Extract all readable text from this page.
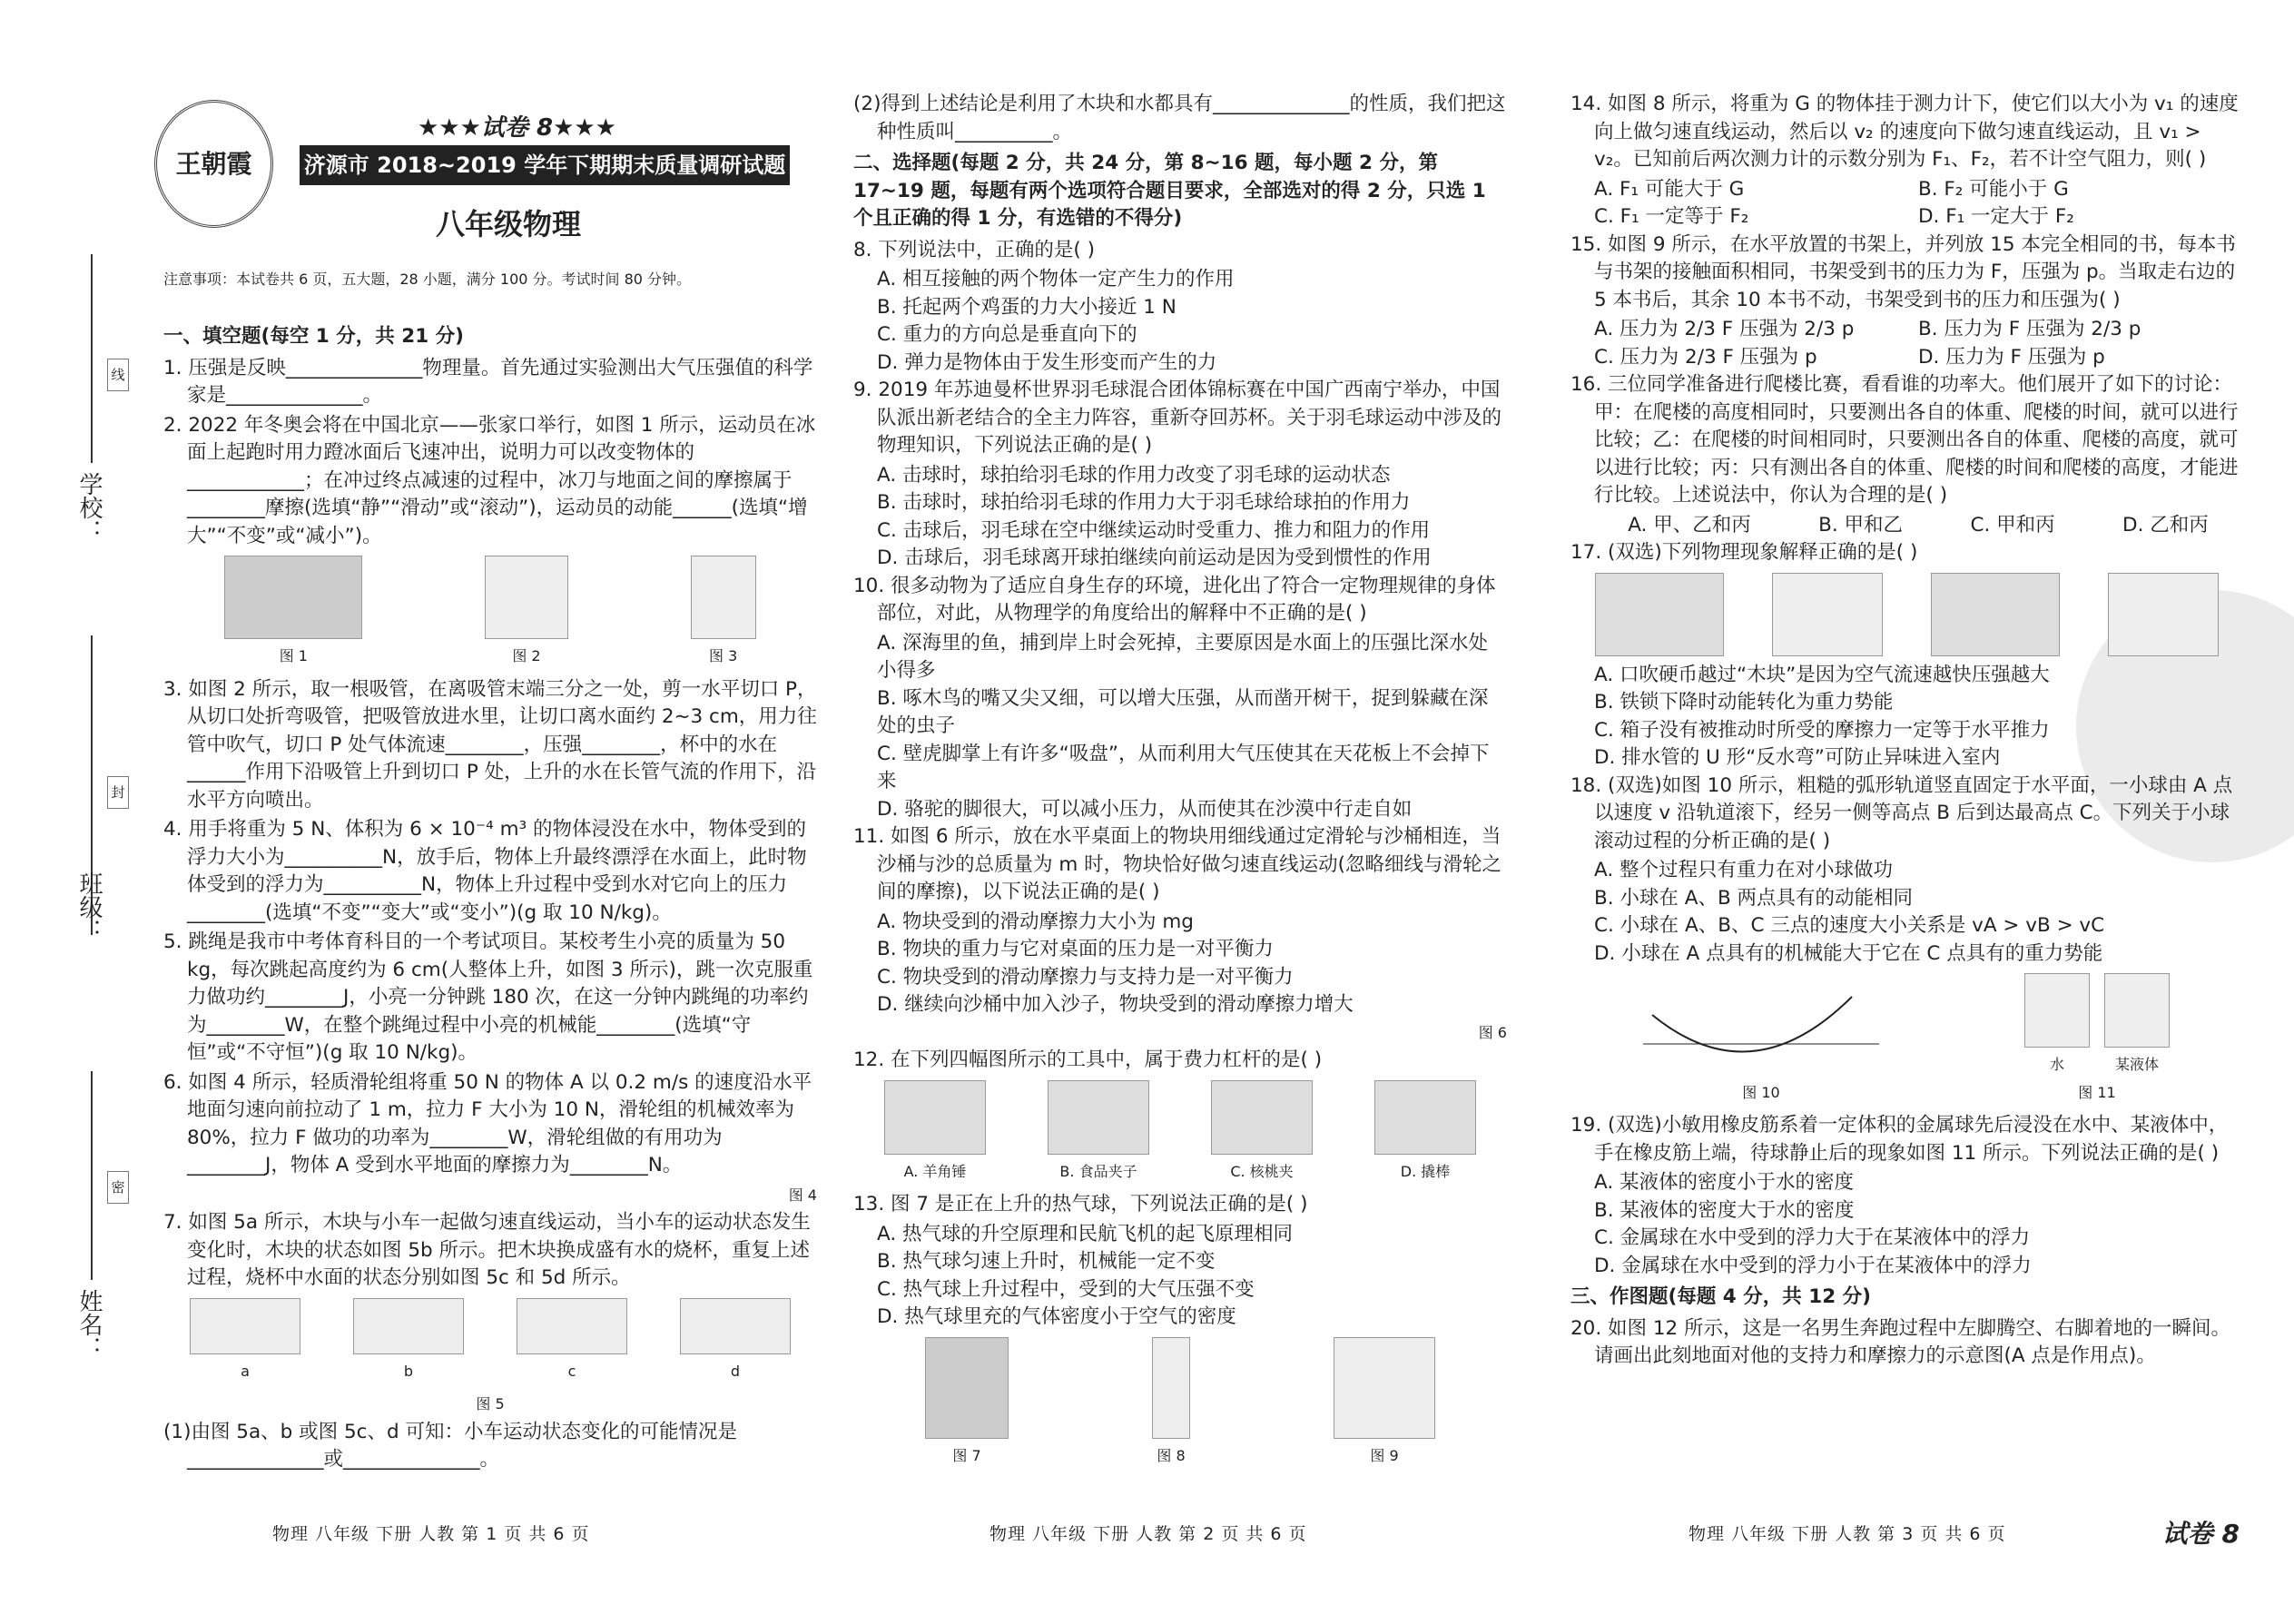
学校：
班级：
姓名：
线
封
密
王朝霞
★★★试卷 8★★★
济源市 2018~2019 学年下期期末质量调研试题
八年级物理
注意事项：本试卷共 6 页，五大题，28 小题，满分 100 分。考试时间 80 分钟。
一、填空题(每空 1 分，共 21 分)
1. 压强是反映______________物理量。首先通过实验测出大气压强值的科学家是______________。
2. 2022 年冬奥会将在中国北京——张家口举行，如图 1 所示，运动员在冰面上起跑时用力蹬冰面后飞速冲出，说明力可以改变物体的____________；在冲过终点减速的过程中，冰刀与地面之间的摩擦属于________摩擦(选填“静”“滑动”或“滚动”)，运动员的动能______(选填“增大”“不变”或“减小”)。
图 1	图 2	图 3
3. 如图 2 所示，取一根吸管，在离吸管末端三分之一处，剪一水平切口 P，从切口处折弯吸管，把吸管放进水里，让切口离水面约 2~3 cm，用力往管中吹气，切口 P 处气体流速________，压强________，杯中的水在______作用下沿吸管上升到切口 P 处，上升的水在长管气流的作用下，沿水平方向喷出。
4. 用手将重为 5 N、体积为 6 × 10⁻⁴ m³ 的物体浸没在水中，物体受到的浮力大小为__________N，放手后，物体上升最终漂浮在水面上，此时物体受到的浮力为__________N，物体上升过程中受到水对它向上的压力________(选填“不变”“变大”或“变小”)(g 取 10 N/kg)。
5. 跳绳是我市中考体育科目的一个考试项目。某校考生小亮的质量为 50 kg，每次跳起高度约为 6 cm(人整体上升，如图 3 所示)，跳一次克服重力做功约________J，小亮一分钟跳 180 次，在这一分钟内跳绳的功率约为________W，在整个跳绳过程中小亮的机械能________(选填“守恒”或“不守恒”)(g 取 10 N/kg)。
6. 如图 4 所示，轻质滑轮组将重 50 N 的物体 A 以 0.2 m/s 的速度沿水平地面匀速向前拉动了 1 m，拉力 F 大小为 10 N，滑轮组的机械效率为 80%，拉力 F 做功的功率为________W，滑轮组做的有用功为________J，物体 A 受到水平地面的摩擦力为________N。
图 4
7. 如图 5a 所示，木块与小车一起做匀速直线运动，当小车的运动状态发生变化时，木块的状态如图 5b 所示。把木块换成盛有水的烧杯，重复上述过程，烧杯中水面的状态分别如图 5c 和 5d 所示。
a	b	c	d
图 5
(1)由图 5a、b 或图 5c、d 可知：小车运动状态变化的可能情况是______________或______________。
(2)得到上述结论是利用了木块和水都具有______________的性质，我们把这种性质叫__________。
二、选择题(每题 2 分，共 24 分，第 8~16 题，每小题 2 分，第 17~19 题，每题有两个选项符合题目要求，全部选对的得 2 分，只选 1 个且正确的得 1 分，有选错的不得分)
8. 下列说法中，正确的是( )
A. 相互接触的两个物体一定产生力的作用
B. 托起两个鸡蛋的力大小接近 1 N
C. 重力的方向总是垂直向下的
D. 弹力是物体由于发生形变而产生的力
9. 2019 年苏迪曼杯世界羽毛球混合团体锦标赛在中国广西南宁举办，中国队派出新老结合的全主力阵容，重新夺回苏杯。关于羽毛球运动中涉及的物理知识，下列说法正确的是( )
A. 击球时，球拍给羽毛球的作用力改变了羽毛球的运动状态
B. 击球时，球拍给羽毛球的作用力大于羽毛球给球拍的作用力
C. 击球后，羽毛球在空中继续运动时受重力、推力和阻力的作用
D. 击球后，羽毛球离开球拍继续向前运动是因为受到惯性的作用
10. 很多动物为了适应自身生存的环境，进化出了符合一定物理规律的身体部位，对此，从物理学的角度给出的解释中不正确的是( )
A. 深海里的鱼，捕到岸上时会死掉，主要原因是水面上的压强比深水处小得多
B. 啄木鸟的嘴又尖又细，可以增大压强，从而凿开树干，捉到躲藏在深处的虫子
C. 壁虎脚掌上有许多“吸盘”，从而利用大气压使其在天花板上不会掉下来
D. 骆驼的脚很大，可以减小压力，从而使其在沙漠中行走自如
11. 如图 6 所示，放在水平桌面上的物块用细线通过定滑轮与沙桶相连，当沙桶与沙的总质量为 m 时，物块恰好做匀速直线运动(忽略细线与滑轮之间的摩擦)，以下说法正确的是( )
A. 物块受到的滑动摩擦力大小为 mg
B. 物块的重力与它对桌面的压力是一对平衡力
C. 物块受到的滑动摩擦力与支持力是一对平衡力
D. 继续向沙桶中加入沙子，物块受到的滑动摩擦力增大
图 6
12. 在下列四幅图所示的工具中，属于费力杠杆的是( )
A. 羊角锤	B. 食品夹子	C. 核桃夹	D. 撬棒
13. 图 7 是正在上升的热气球，下列说法正确的是( )
A. 热气球的升空原理和民航飞机的起飞原理相同
B. 热气球匀速上升时，机械能一定不变
C. 热气球上升过程中，受到的大气压强不变
D. 热气球里充的气体密度小于空气的密度
图 7	图 8	图 9
14. 如图 8 所示，将重为 G 的物体挂于测力计下，使它们以大小为 v₁ 的速度向上做匀速直线运动，然后以 v₂ 的速度向下做匀速直线运动，且 v₁ > v₂。已知前后两次测力计的示数分别为 F₁、F₂，若不计空气阻力，则( )
A. F₁ 可能大于 G	B. F₂ 可能小于 G
C. F₁ 一定等于 F₂	D. F₁ 一定大于 F₂
15. 如图 9 所示，在水平放置的书架上，并列放 15 本完全相同的书，每本书与书架的接触面积相同，书架受到书的压力为 F，压强为 p。当取走右边的 5 本书后，其余 10 本书不动，书架受到书的压力和压强为( )
A. 压力为 2/3 F 压强为 2/3 p	B. 压力为 F 压强为 2/3 p
C. 压力为 2/3 F 压强为 p	D. 压力为 F 压强为 p
16. 三位同学准备进行爬楼比赛，看看谁的功率大。他们展开了如下的讨论：甲：在爬楼的高度相同时，只要测出各自的体重、爬楼的时间，就可以进行比较；乙：在爬楼的时间相同时，只要测出各自的体重、爬楼的高度，就可以进行比较；丙：只有测出各自的体重、爬楼的时间和爬楼的高度，才能进行比较。上述说法中，你认为合理的是( )
A. 甲、乙和丙	B. 甲和乙	C. 甲和丙	D. 乙和丙
17. (双选)下列物理现象解释正确的是( )
A. 口吹硬币越过“木块”是因为空气流速越快压强越大
B. 铁锁下降时动能转化为重力势能
C. 箱子没有被推动时所受的摩擦力一定等于水平推力
D. 排水管的 U 形“反水弯”可防止异味进入室内
18. (双选)如图 10 所示，粗糙的弧形轨道竖直固定于水平面，一小球由 A 点以速度 v 沿轨道滚下，经另一侧等高点 B 后到达最高点 C。下列关于小球滚动过程的分析正确的是( )
A. 整个过程只有重力在对小球做功
B. 小球在 A、B 两点具有的动能相同
C. 小球在 A、B、C 三点的速度大小关系是 vA > vB > vC
D. 小球在 A 点具有的机械能大于它在 C 点具有的重力势能
图 10
水	某液体
图 11
19. (双选)小敏用橡皮筋系着一定体积的金属球先后浸没在水中、某液体中，手在橡皮筋上端，待球静止后的现象如图 11 所示。下列说法正确的是( )
A. 某液体的密度小于水的密度
B. 某液体的密度大于水的密度
C. 金属球在水中受到的浮力大于在某液体中的浮力
D. 金属球在水中受到的浮力小于在某液体中的浮力
三、作图题(每题 4 分，共 12 分)
20. 如图 12 所示，这是一名男生奔跑过程中左脚腾空、右脚着地的一瞬间。请画出此刻地面对他的支持力和摩擦力的示意图(A 点是作用点)。
物理 八年级 下册 人教 第 1 页 共 6 页	物理 八年级 下册 人教 第 2 页 共 6 页	物理 八年级 下册 人教 第 3 页 共 6 页	试卷 8
